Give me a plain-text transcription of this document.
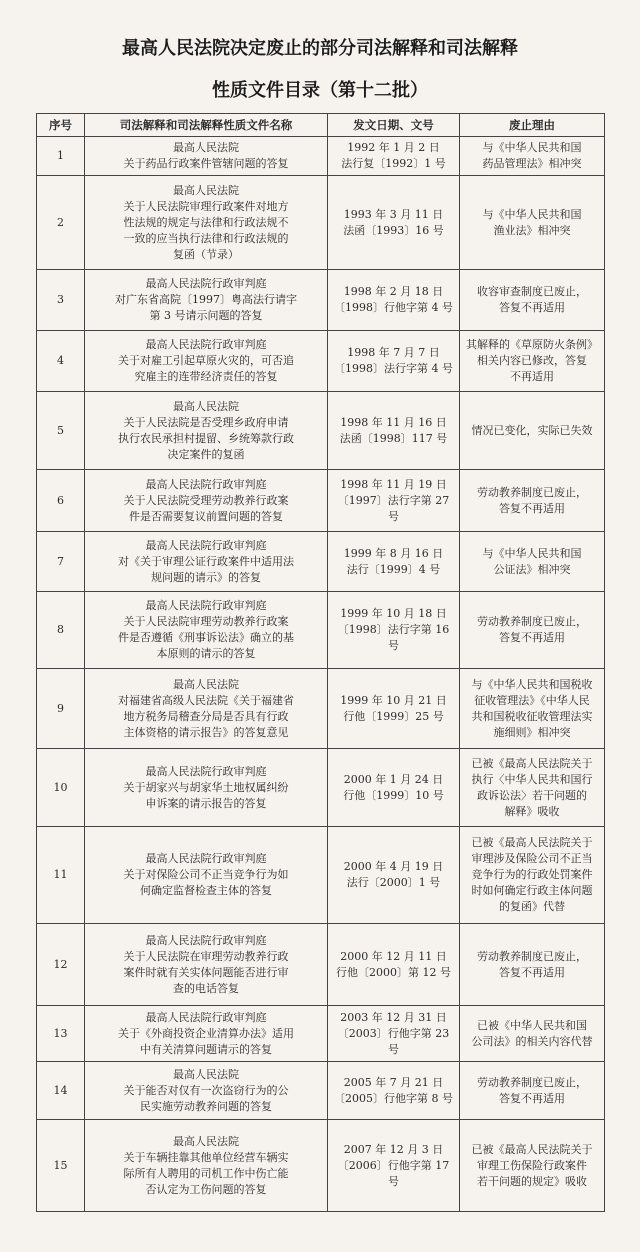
最高人民法院决定废止的部分司法解释和司法解释
性质文件目录（第十二批）
序号	司法解释和司法解释性质文件名称	发文日期、文号	废止理由
1	最高人民法院
关于药品行政案件管辖问题的答复	1992 年 1 月 2 日
法行复〔1992〕1 号	与《中华人民共和国
药品管理法》相冲突

2	最高人民法院
关于人民法院审理行政案件对地方
性法规的规定与法律和行政法规不
一致的应当执行法律和行政法规的
复函（节录）	1993 年 3 月 11 日
法函〔1993〕16 号	与《中华人民共和国
渔业法》相冲突

3	最高人民法院行政审判庭
对广东省高院〔1997〕粤高法行请字
第 3 号请示问题的答复	1998 年 2 月 18 日
〔1998〕行他字第 4 号	收容审查制度已废止，
答复不再适用

4	最高人民法院行政审判庭
关于对雇工引起草原火灾的，可否追
究雇主的连带经济责任的答复	1998 年 7 月 7 日
〔1998〕法行字第 4 号	其解释的《草原防火条例》
相关内容已修改，答复
不再适用

5	最高人民法院
关于人民法院是否受理乡政府申请
执行农民承担村提留、乡统筹款行政
决定案件的复函	1998 年 11 月 16 日
法函〔1998〕117 号	情况已变化，实际已失效

6	最高人民法院行政审判庭
关于人民法院受理劳动教养行政案
件是否需要复议前置问题的答复	1998 年 11 月 19 日
〔1997〕法行字第 27
号	劳动教养制度已废止，
答复不再适用

7	最高人民法院行政审判庭
对《关于审理公证行政案件中适用法
规问题的请示》的答复	1999 年 8 月 16 日
法行〔1999〕4 号	与《中华人民共和国
公证法》相冲突

8	最高人民法院行政审判庭
关于人民法院审理劳动教养行政案
件是否遵循《刑事诉讼法》确立的基
本原则的请示的答复	1999 年 10 月 18 日
〔1998〕法行字第 16
号	劳动教养制度已废止，
答复不再适用

9	最高人民法院
对福建省高级人民法院《关于福建省
地方税务局稽查分局是否具有行政
主体资格的请示报告》的答复意见	1999 年 10 月 21 日
行他〔1999〕25 号	与《中华人民共和国税收
征收管理法》《中华人民
共和国税收征收管理法实
施细则》相冲突

10	最高人民法院行政审判庭
关于胡家兴与胡家华土地权属纠纷
申诉案的请示报告的答复	2000 年 1 月 24 日
行他〔1999〕10 号	已被《最高人民法院关于
执行〈中华人民共和国行
政诉讼法〉若干问题的
解释》吸收

11	最高人民法院行政审判庭
关于对保险公司不正当竞争行为如
何确定监督检查主体的答复	2000 年 4 月 19 日
法行〔2000〕1 号	已被《最高人民法院关于
审理涉及保险公司不正当
竞争行为的行政处罚案件
时如何确定行政主体问题
的复函》代替

12	最高人民法院行政审判庭
关于人民法院在审理劳动教养行政
案件时就有关实体问题能否进行审
查的电话答复	2000 年 12 月 11 日
行他〔2000〕第 12 号	劳动教养制度已废止，
答复不再适用

13	最高人民法院行政审判庭
关于《外商投资企业清算办法》适用
中有关清算问题请示的答复	2003 年 12 月 31 日
〔2003〕行他字第 23
号	已被《中华人民共和国
公司法》的相关内容代替

14	最高人民法院
关于能否对仅有一次盗窃行为的公
民实施劳动教养问题的答复	2005 年 7 月 21 日
〔2005〕行他字第 8 号	劳动教养制度已废止，
答复不再适用

15	最高人民法院
关于车辆挂靠其他单位经营车辆实
际所有人聘用的司机工作中伤亡能
否认定为工伤问题的答复	2007 年 12 月 3 日
〔2006〕行他字第 17
号	已被《最高人民法院关于
审理工伤保险行政案件
若干问题的规定》吸收
